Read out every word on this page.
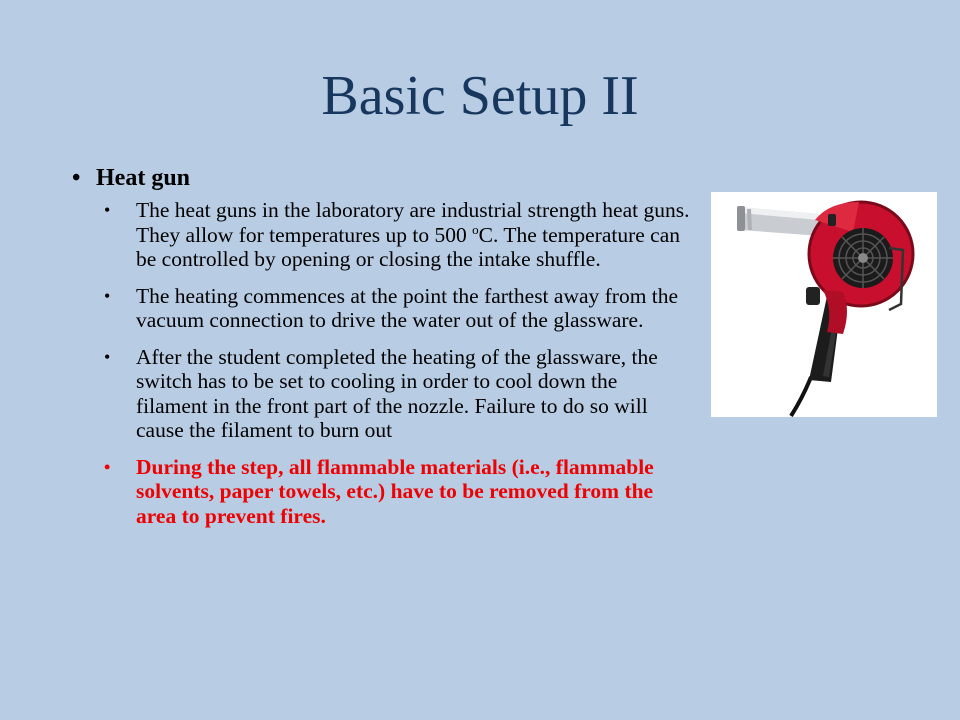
Basic Setup II
• Heat gun
• The heat guns in the laboratory are industrial strength heat guns. They allow for temperatures up to 500 $^o$C. The temperature can be controlled by opening or closing the intake shuffle.
• The heating commences at the point the farthest away from the vacuum connection to drive the water out of the glassware.
• After the student completed the heating of the glassware, the switch has to be set to cooling in order to cool down the filament in the front part of the nozzle. Failure to do so will cause the filament to burn out
• During the step, all flammable materials (i.e., flammable solvents, paper towels, etc.) have to be removed from the area to prevent fires.
